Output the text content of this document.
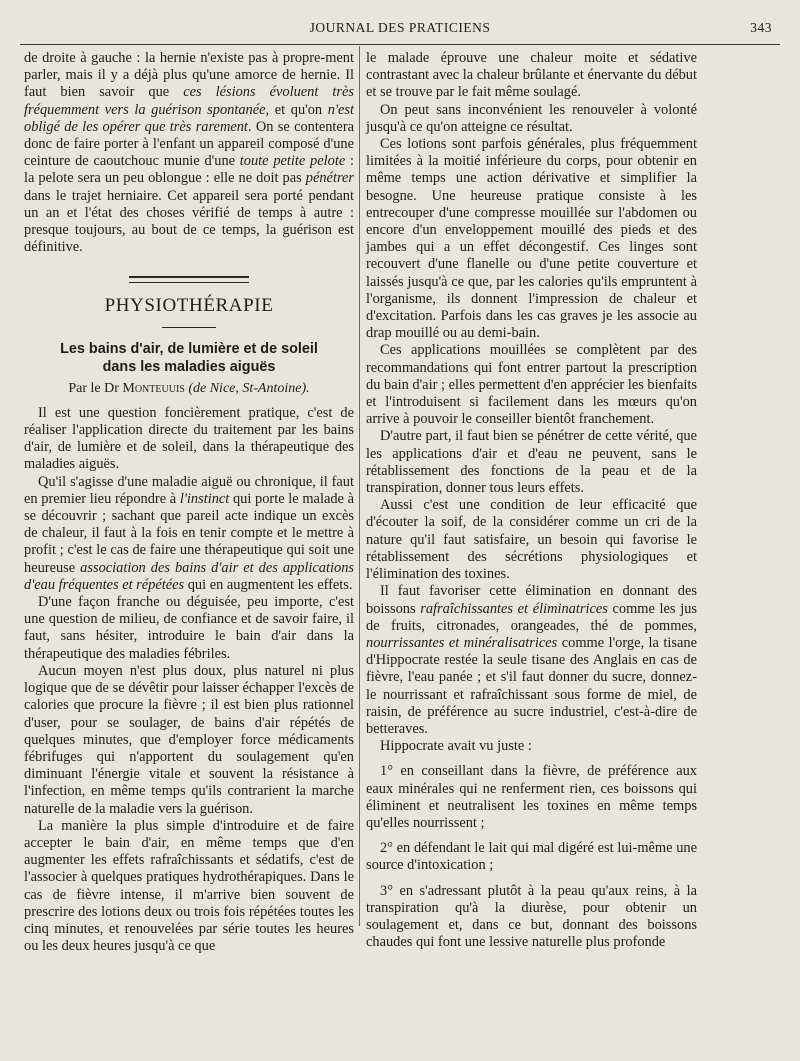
JOURNAL DES PRATICIENS	343

de droite à gauche : la hernie n'existe pas à propre-ment parler, mais il y a déjà plus qu'une amorce de hernie. Il faut bien savoir que ces lésions évoluent très fréquemment vers la guérison spontanée, et qu'on n'est obligé de les opérer que très rarement. On se contentera donc de faire porter à l'enfant un appareil composé d'une ceinture de caoutchouc munie d'une toute petite pelote : la pelote sera un peu oblongue : elle ne doit pas pénétrer dans le trajet herniaire. Cet appareil sera porté pendant un an et l'état des choses vérifié de temps à autre : presque toujours, au bout de ce temps, la guérison est définitive.

PHYSIOTHÉRAPIE
Les bains d'air, de lumière et de soleil
dans les maladies aiguës
Par le Dr Monteuuis (de Nice, St-Antoine).

Il est une question foncièrement pratique, c'est de réaliser l'application directe du traitement par les bains d'air, de lumière et de soleil, dans la thérapeutique des maladies aiguës.

Qu'il s'agisse d'une maladie aiguë ou chronique, il faut en premier lieu répondre à l'instinct qui porte le malade à se découvrir ; sachant que pareil acte indique un excès de chaleur, il faut à la fois en tenir compte et le mettre à profit ; c'est le cas de faire une thérapeutique qui soit une heureuse association des bains d'air et des applications d'eau fréquentes et répétées qui en augmentent les effets.

D'une façon franche ou déguisée, peu importe, c'est une question de milieu, de confiance et de savoir faire, il faut, sans hésiter, introduire le bain d'air dans la thérapeutique des maladies fébriles.

Aucun moyen n'est plus doux, plus naturel ni plus logique que de se dévêtir pour laisser échapper l'excès de calories que procure la fièvre ; il est bien plus rationnel d'user, pour se soulager, de bains d'air répétés de quelques minutes, que d'employer force médicaments fébrifuges qui n'apportent du soulagement qu'en diminuant l'énergie vitale et souvent la résistance à l'infection, en même temps qu'ils contrarient la marche naturelle de la maladie vers la guérison.

La manière la plus simple d'introduire et de faire accepter le bain d'air, en même temps que d'en augmenter les effets rafraîchissants et sédatifs, c'est de l'associer à quelques pratiques hydrothérapiques. Dans le cas de fièvre intense, il m'arrive bien souvent de prescrire des lotions deux ou trois fois répétées toutes les cinq minutes, et renouvelées par série toutes les heures ou les deux heures jusqu'à ce que

le malade éprouve une chaleur moite et sédative contrastant avec la chaleur brûlante et énervante du début et se trouve par le fait même soulagé.

On peut sans inconvénient les renouveler à volonté jusqu'à ce qu'on atteigne ce résultat.

Ces lotions sont parfois générales, plus fréquemment limitées à la moitié inférieure du corps, pour obtenir en même temps une action dérivative et simplifier la besogne. Une heureuse pratique consiste à les entrecouper d'une compresse mouillée sur l'abdomen ou encore d'un enveloppement mouillé des pieds et des jambes qui a un effet décongestif. Ces linges sont recouvert d'une flanelle ou d'une petite couverture et laissés jusqu'à ce que, par les calories qu'ils empruntent à l'organisme, ils donnent l'impression de chaleur et d'excitation. Parfois dans les cas graves je les associe au drap mouillé ou au demi-bain.

Ces applications mouillées se complètent par des recommandations qui font entrer partout la prescription du bain d'air ; elles permettent d'en apprécier les bienfaits et l'introduisent si facilement dans les mœurs qu'on arrive à pouvoir le conseiller bientôt franchement.

D'autre part, il faut bien se pénétrer de cette vérité, que les applications d'air et d'eau ne peuvent, sans le rétablissement des fonctions de la peau et de la transpiration, donner tous leurs effets.

Aussi c'est une condition de leur efficacité que d'écouter la soif, de la considérer comme un cri de la nature qu'il faut satisfaire, un besoin qui favorise le rétablissement des sécrétions physiologiques et l'élimination des toxines.

Il faut favoriser cette élimination en donnant des boissons rafraîchissantes et éliminatrices comme les jus de fruits, citronades, orangeades, thé de pommes, nourrissantes et minéralisatrices comme l'orge, la tisane d'Hippocrate restée la seule tisane des Anglais en cas de fièvre, l'eau panée ; et s'il faut donner du sucre, donnez-le nourrissant et rafraîchissant sous forme de miel, de raisin, de préférence au sucre industriel, c'est-à-dire de betteraves.

Hippocrate avait vu juste :

1° en conseillant dans la fièvre, de préférence aux eaux minérales qui ne renferment rien, ces boissons qui éliminent et neutralisent les toxines en même temps qu'elles nourrissent ;

2° en défendant le lait qui mal digéré est lui-même une source d'intoxication ;

3° en s'adressant plutôt à la peau qu'aux reins, à la transpiration qu'à la diurèse, pour obtenir un soulagement et, dans ce but, donnant des boissons chaudes qui font une lessive naturelle plus profonde
